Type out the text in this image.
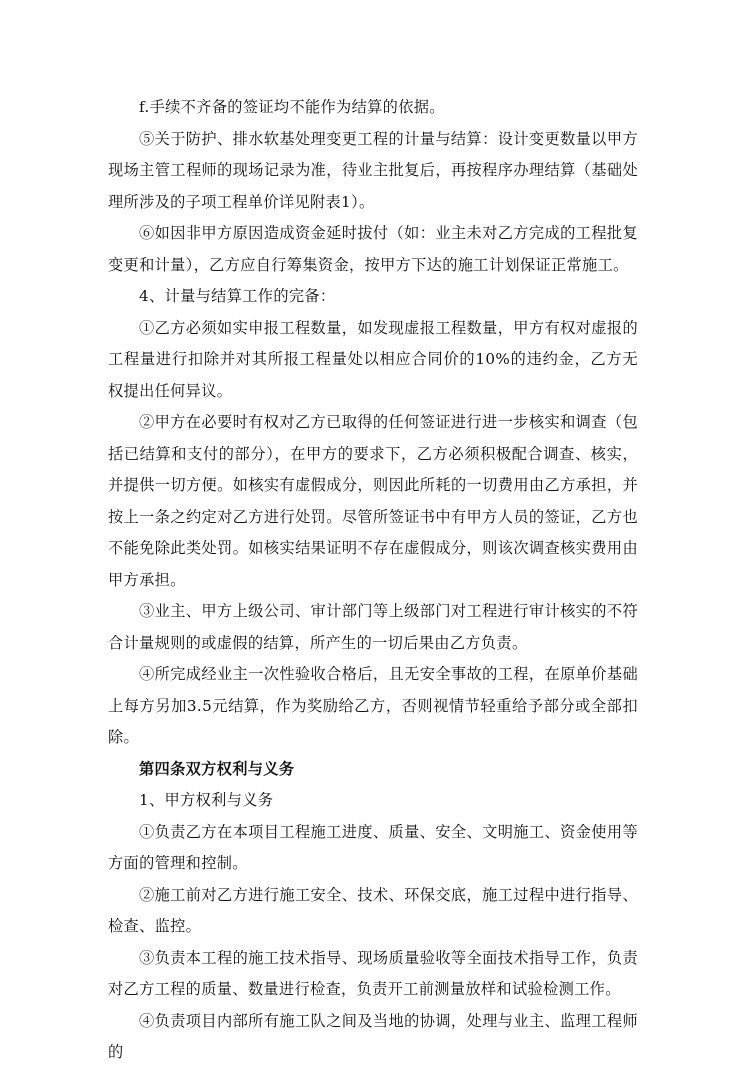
f.手续不齐备的签证均不能作为结算的依据。

⑤关于防护、排水软基处理变更工程的计量与结算：设计变更数量以甲方现场主管工程师的现场记录为准，待业主批复后，再按程序办理结算（基础处理所涉及的子项工程单价详见附表1）。

⑥如因非甲方原因造成资金延时拔付（如：业主未对乙方完成的工程批复变更和计量），乙方应自行筹集资金，按甲方下达的施工计划保证正常施工。

4、计量与结算工作的完备：

①乙方必须如实申报工程数量，如发现虚报工程数量，甲方有权对虚报的工程量进行扣除并对其所报工程量处以相应合同价的10%的违约金，乙方无权提出任何异议。

②甲方在必要时有权对乙方已取得的任何签证进行进一步核实和调查（包括已结算和支付的部分），在甲方的要求下，乙方必须积极配合调查、核实，并提供一切方便。如核实有虚假成分，则因此所耗的一切费用由乙方承担，并按上一条之约定对乙方进行处罚。尽管所签证书中有甲方人员的签证，乙方也不能免除此类处罚。如核实结果证明不存在虚假成分，则该次调查核实费用由甲方承担。

③业主、甲方上级公司、审计部门等上级部门对工程进行审计核实的不符合计量规则的或虚假的结算，所产生的一切后果由乙方负责。

④所完成经业主一次性验收合格后，且无安全事故的工程，在原单价基础上每方另加3.5元结算，作为奖励给乙方，否则视情节轻重给予部分或全部扣除。

第四条双方权利与义务

1、甲方权利与义务

①负责乙方在本项目工程施工进度、质量、安全、文明施工、资金使用等方面的管理和控制。

②施工前对乙方进行施工安全、技术、环保交底，施工过程中进行指导、检查、监控。

③负责本工程的施工技术指导、现场质量验收等全面技术指导工作，负责对乙方工程的质量、数量进行检查，负责开工前测量放样和试验检测工作。

④负责项目内部所有施工队之间及当地的协调，处理与业主、监理工程师的
